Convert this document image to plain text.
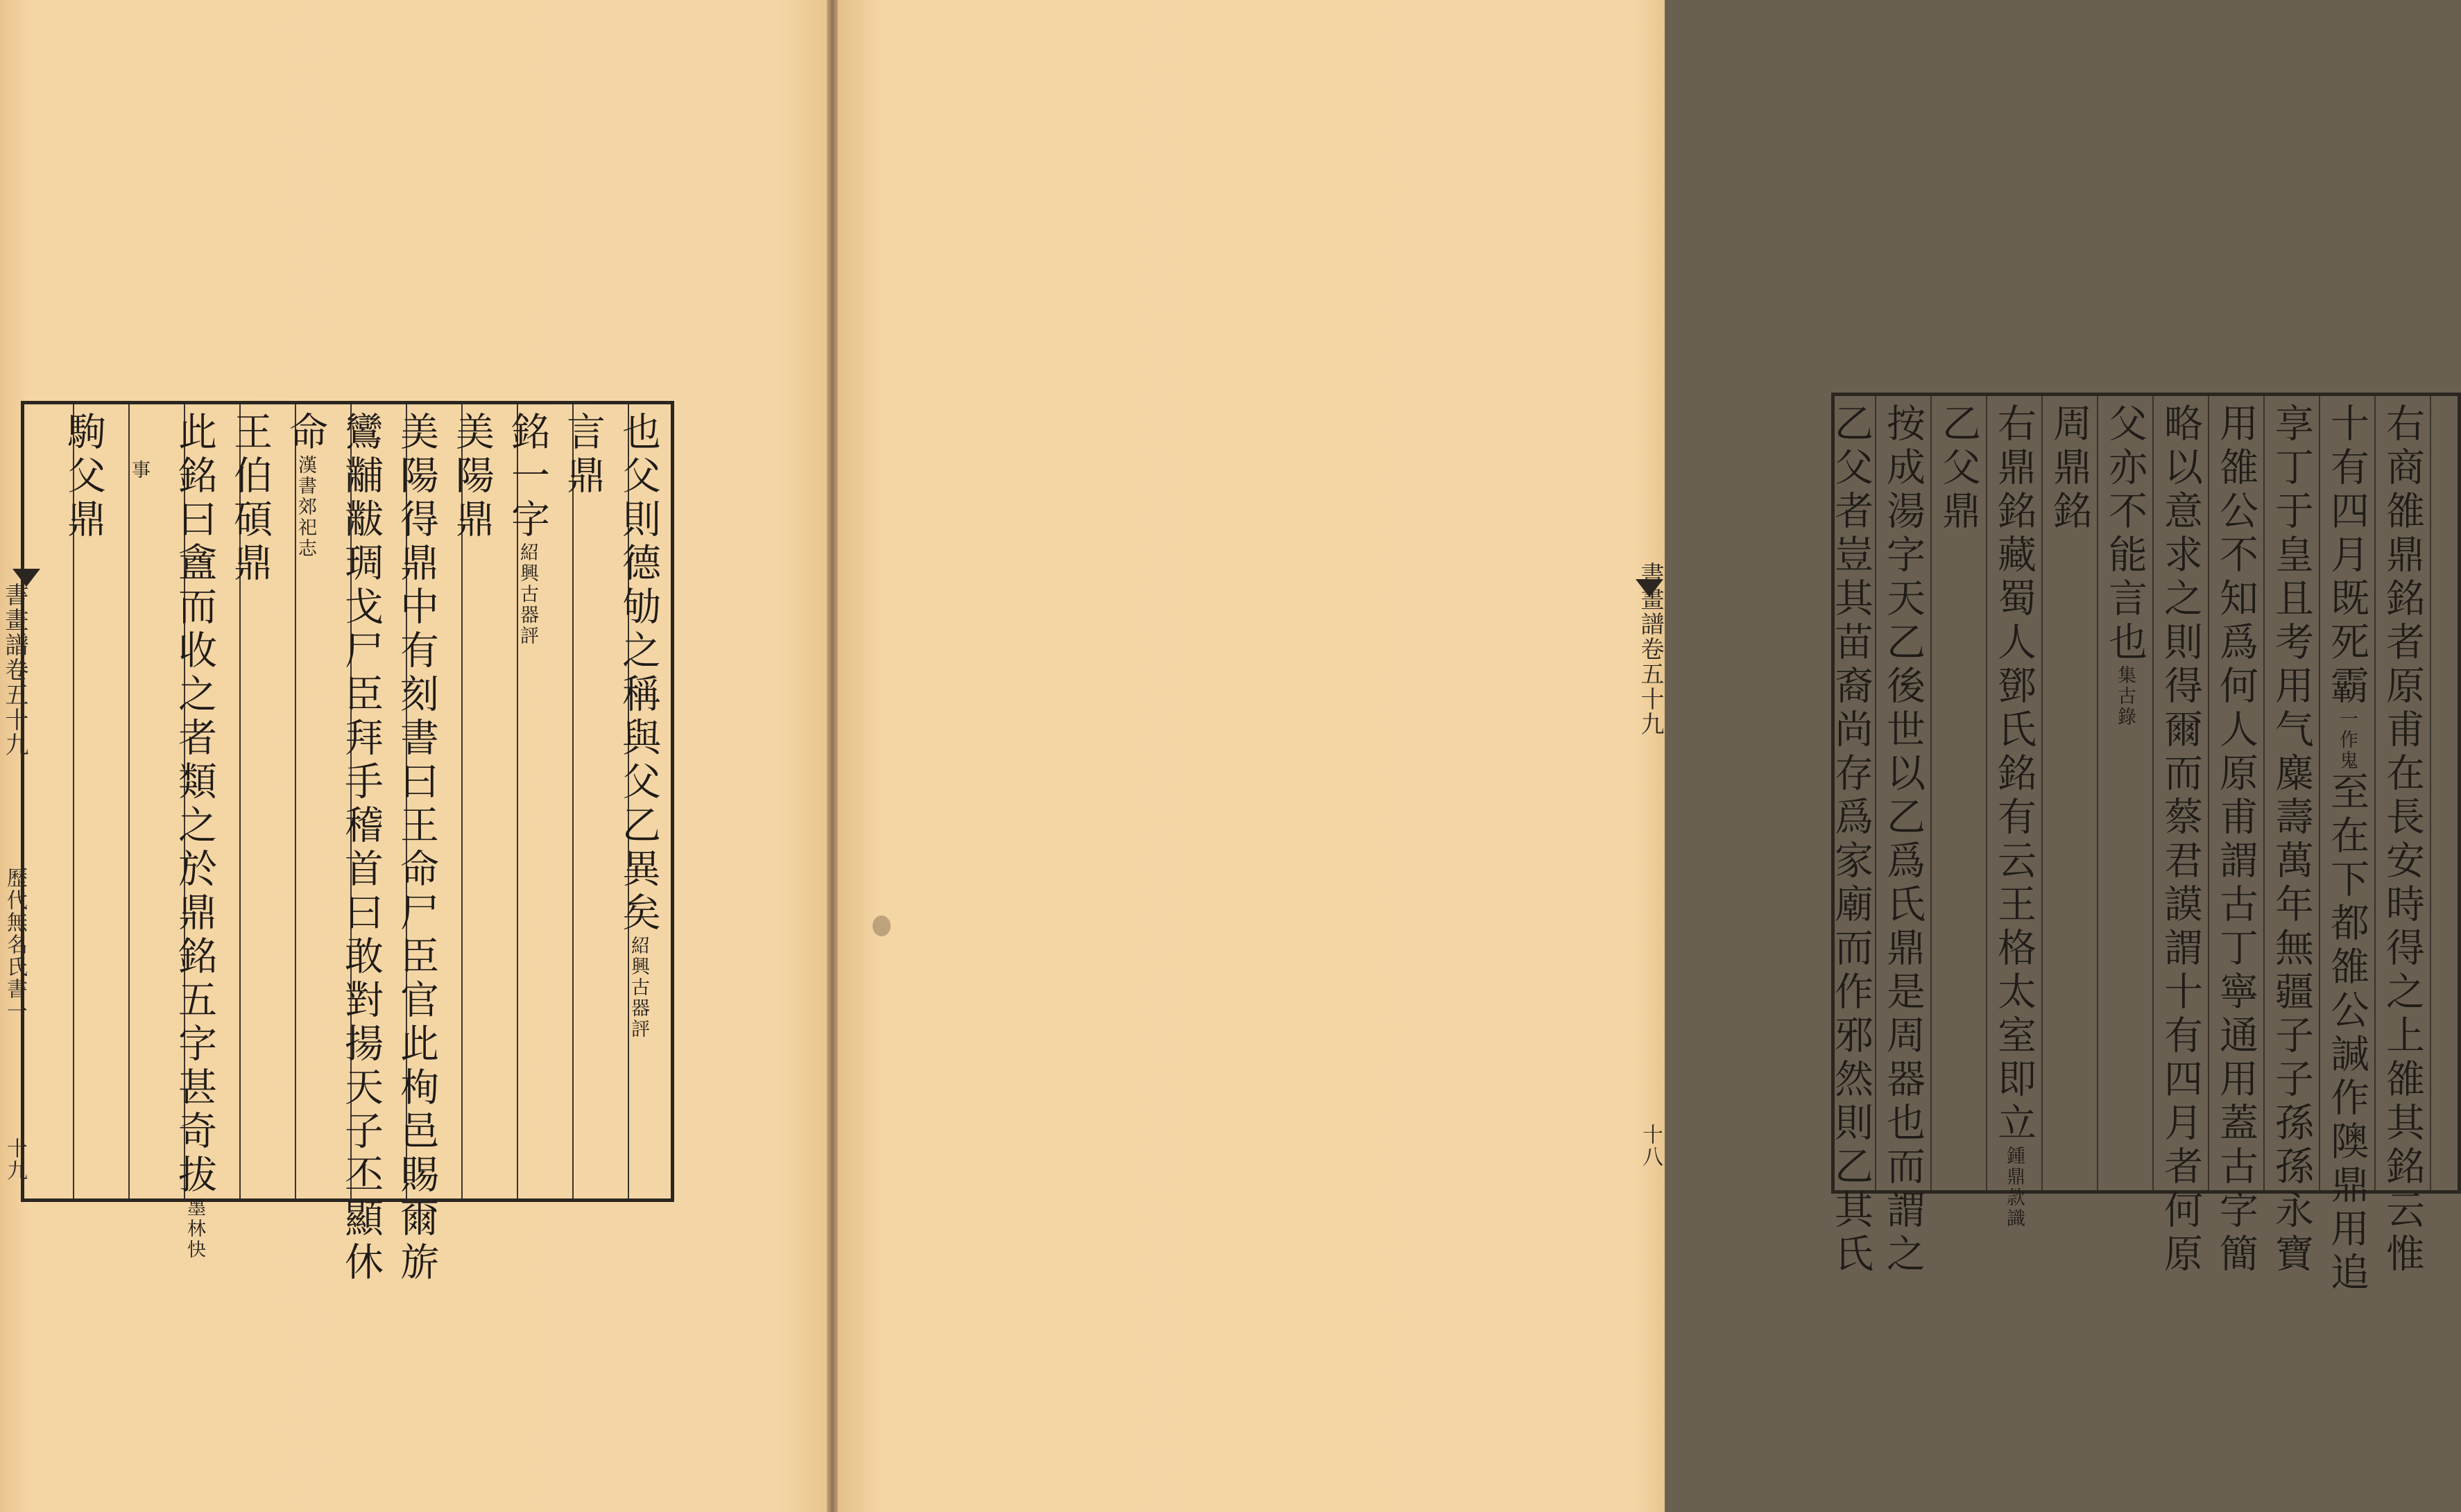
書畫譜卷五十九
歷代無名氏書一
十九
也父則德劬之稱與父乙異矣紹興古器評
言鼎
銘一字紹興古器評
美陽鼎
美陽得鼎中有刻書曰王命尸臣官此栒邑賜爾旂
鸞黼黻琱戈尸臣拜手稽首曰敢對揚天子丕顯休
命漢書郊祀志
王伯碩鼎
此銘曰盦而收之者類之於鼎銘五字甚奇拔墨林快
事
駒父鼎
書畫譜卷五十九
十八	右商雒鼎銘者原甫在長安時得之上雒其銘云惟
十有四月既死霸一作鬼至在下都雒公諴作隩鼎用追
享丁于皇且考用气麋壽萬年無疆子子孫孫永寶
用雒公不知爲何人原甫謂古丁寧通用蓋古字簡
略以意求之則得爾而蔡君謨謂十有四月者何原
父亦不能言也集古錄
周鼎銘
右鼎銘藏蜀人鄧氏銘有云王格太室即立鍾鼎款識
乙父鼎
按成湯字天乙後世以乙爲氏鼎是周器也而謂之
乙父者豈其苗裔尚存爲家廟而作邪然則乙其氏
